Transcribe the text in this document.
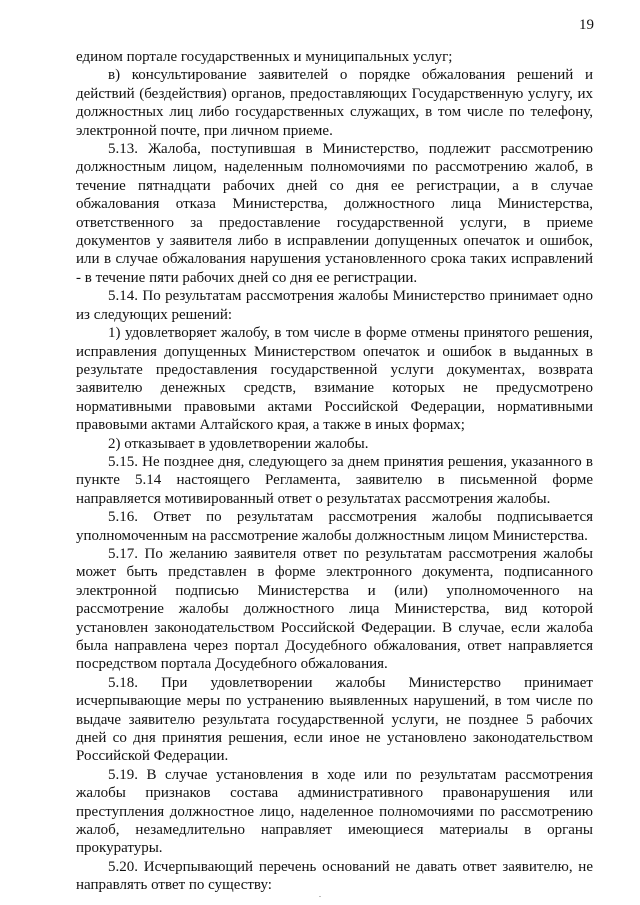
19

едином портале государственных и муниципальных услуг;

в) консультирование заявителей о порядке обжалования решений и действий (бездействия) органов, предоставляющих Государственную услугу, их должностных лиц либо государственных служащих, в том числе по телефону, электронной почте, при личном приеме.

5.13. Жалоба, поступившая в Министерство, подлежит рассмотрению должностным лицом, наделенным полномочиями по рассмотрению жалоб, в течение пятнадцати рабочих дней со дня ее регистрации, а в случае обжалования отказа Министерства, должностного лица Министерства, ответственного за предоставление государственной услуги, в приеме документов у заявителя либо в исправлении допущенных опечаток и ошибок, или в случае обжалования нарушения установленного срока таких исправлений - в течение пяти рабочих дней со дня ее регистрации.

5.14. По результатам рассмотрения жалобы Министерство принимает одно из следующих решений:

1) удовлетворяет жалобу, в том числе в форме отмены принятого решения, исправления допущенных Министерством опечаток и ошибок в выданных в результате предоставления государственной услуги документах, возврата заявителю денежных средств, взимание которых не предусмотрено нормативными правовыми актами Российской Федерации, нормативными правовыми актами Алтайского края, а также в иных формах;

2) отказывает в удовлетворении жалобы.

5.15. Не позднее дня, следующего за днем принятия решения, указанного в пункте 5.14 настоящего Регламента, заявителю в письменной форме направляется мотивированный ответ о результатах рассмотрения жалобы.

5.16. Ответ по результатам рассмотрения жалобы подписывается уполномоченным на рассмотрение жалобы должностным лицом Министерства.

5.17. По желанию заявителя ответ по результатам рассмотрения жалобы может быть представлен в форме электронного документа, подписанного электронной подписью Министерства и (или) уполномоченного на рассмотрение жалобы должностного лица Министерства, вид которой установлен законодательством Российской Федерации. В случае, если жалоба была направлена через портал Досудебного обжалования, ответ направляется посредством портала Досудебного обжалования.

5.18. При удовлетворении жалобы Министерство принимает исчерпывающие меры по устранению выявленных нарушений, в том числе по выдаче заявителю результата государственной услуги, не позднее 5 рабочих дней со дня принятия решения, если иное не установлено законодательством Российской Федерации.

5.19. В случае установления в ходе или по результатам рассмотрения жалобы признаков состава административного правонарушения или преступления должностное лицо, наделенное полномочиями по рассмотрению жалоб, незамедлительно направляет имеющиеся материалы в органы прокуратуры.

5.20. Исчерпывающий перечень оснований не давать ответ заявителю, не направлять ответ по существу:

·
